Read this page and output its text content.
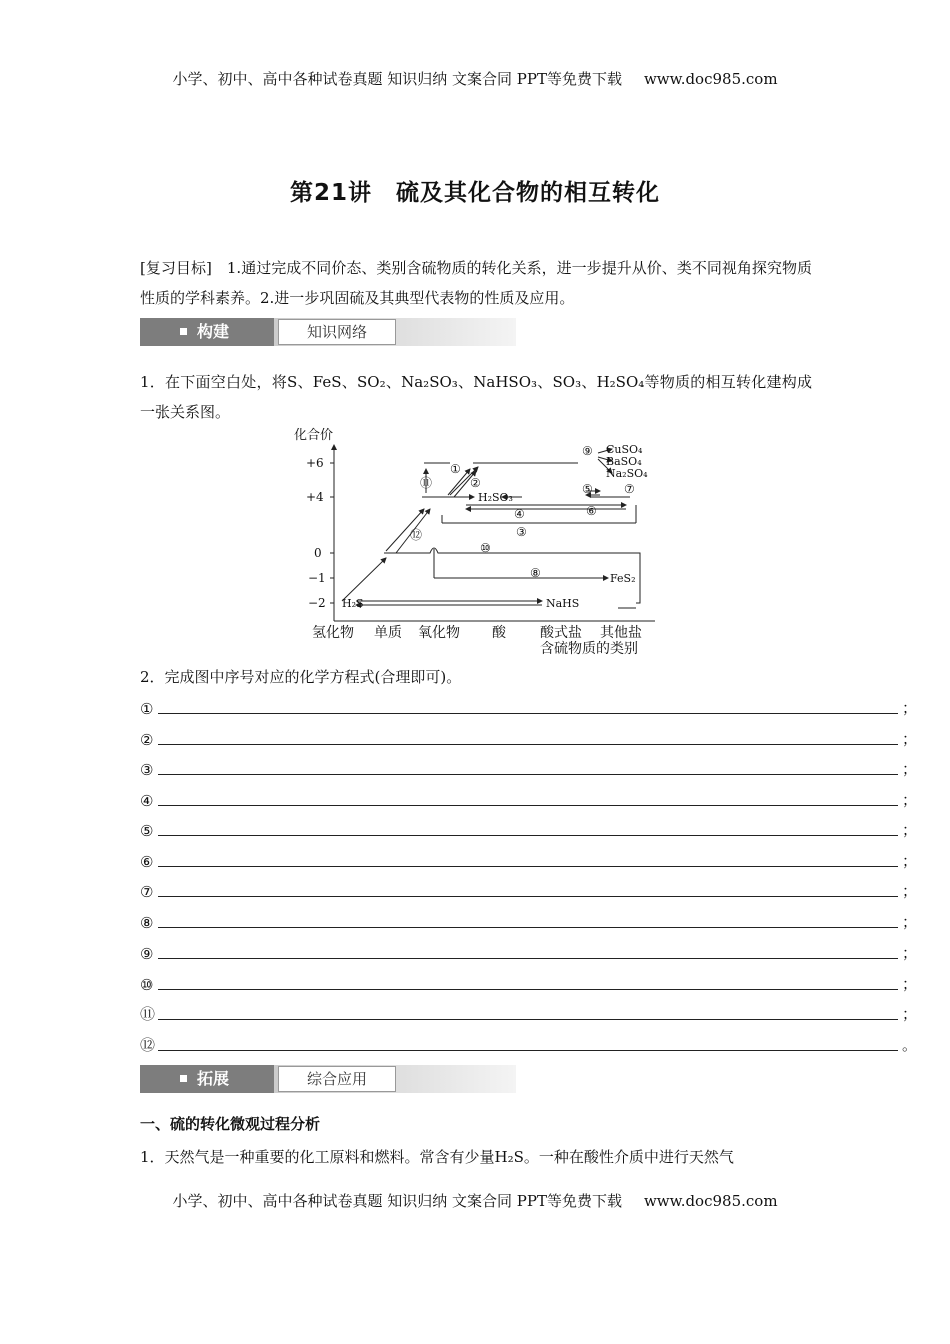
小学、初中、高中各种试卷真题 知识归纳 文案合同 PPT等免费下载 www.doc985.com
第21讲　硫及其化合物的相互转化
[复习目标]　1.通过完成不同价态、类别含硫物质的转化关系，进一步提升从价、类不同视角探究物质性质的学科素养。2.进一步巩固硫及其典型代表物的性质及应用。
构建	知识网络
1．在下面空白处，将S、FeS、SO₂、Na₂SO₃、NaHSO₃、SO₃、H₂SO₄等物质的相互转化建构成一张关系图。
化合价
+6
+4
0
−1
−2
氢化物 单质 氧化物 酸 酸式盐 其他盐
含硫物质的类别
H₂S	NaHS
FeS₂
H₂SO₃
CuSO₄
BaSO₄
Na₂SO₄
①
②
③
④
⑤
⑥
⑦
⑧
⑨
⑩
⑪
⑫
2．完成图中序号对应的化学方程式(合理即可)。
①	；
②	；
③	；
④	；
⑤	；
⑥	；
⑦	；
⑧	；
⑨	；
⑩	；
⑪	；
⑫	。
拓展	综合应用
一、硫的转化微观过程分析
1．天然气是一种重要的化工原料和燃料。常含有少量H₂S。一种在酸性介质中进行天然气
小学、初中、高中各种试卷真题 知识归纳 文案合同 PPT等免费下载 www.doc985.com
